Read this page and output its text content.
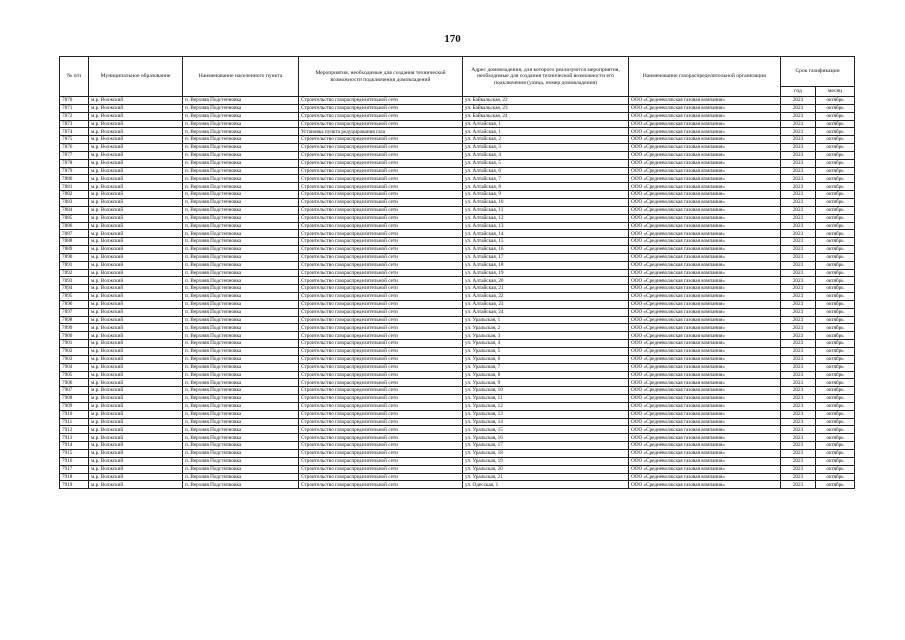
170
№ п/п	Муниципальное образование	Наименование населенного пункта	Мероприятия, необходимые для создания технической возможности подключения домовладений	Адрес домовладения, для которого реализуются мероприятия, необходимые для создания технической возможности его подключения (улица, номер домовладения)	Наименование газораспределительной организации	Срок газификации	
						год	месяц
7870	м.р. Волжский	п. Верхняя Подстепновка	Строительство газораспределительной сети	ул. Байкальская, 22	ООО «Средневолжская газовая компания»	2023	октябрь
7871	м.р. Волжский	п. Верхняя Подстепновка	Строительство газораспределительной сети	ул. Байкальская, 23	ООО «Средневолжская газовая компания»	2023	октябрь
7872	м.р. Волжский	п. Верхняя Подстепновка	Строительство газораспределительной сети	ул. Байкальская, 24	ООО «Средневолжская газовая компания»	2023	октябрь
7873	м.р. Волжский	п. Верхняя Подстепновка	Строительство газораспределительной сети	ул. Алтайская, 1	ООО «Средневолжская газовая компания»	2023	октябрь
7874	м.р. Волжский	п. Верхняя Подстепновка	Установка пункта редуцирования газа	ул. Алтайская, 1	ООО «Средневолжская газовая компания»	2023	октябрь
7875	м.р. Волжский	п. Верхняя Подстепновка	Строительство газораспределительной сети	ул. Алтайская, 2	ООО «Средневолжская газовая компания»	2023	октябрь
7876	м.р. Волжский	п. Верхняя Подстепновка	Строительство газораспределительной сети	ул. Алтайская, 3	ООО «Средневолжская газовая компания»	2023	октябрь
7877	м.р. Волжский	п. Верхняя Подстепновка	Строительство газораспределительной сети	ул. Алтайская, 4	ООО «Средневолжская газовая компания»	2023	октябрь
7878	м.р. Волжский	п. Верхняя Подстепновка	Строительство газораспределительной сети	ул. Алтайская, 5	ООО «Средневолжская газовая компания»	2023	октябрь
7879	м.р. Волжский	п. Верхняя Подстепновка	Строительство газораспределительной сети	ул. Алтайская, 6	ООО «Средневолжская газовая компания»	2023	октябрь
7880	м.р. Волжский	п. Верхняя Подстепновка	Строительство газораспределительной сети	ул. Алтайская, 7	ООО «Средневолжская газовая компания»	2023	октябрь
7881	м.р. Волжский	п. Верхняя Подстепновка	Строительство газораспределительной сети	ул. Алтайская, 8	ООО «Средневолжская газовая компания»	2023	октябрь
7882	м.р. Волжский	п. Верхняя Подстепновка	Строительство газораспределительной сети	ул. Алтайская, 9	ООО «Средневолжская газовая компания»	2023	октябрь
7883	м.р. Волжский	п. Верхняя Подстепновка	Строительство газораспределительной сети	ул. Алтайская, 10	ООО «Средневолжская газовая компания»	2023	октябрь
7884	м.р. Волжский	п. Верхняя Подстепновка	Строительство газораспределительной сети	ул. Алтайская, 11	ООО «Средневолжская газовая компания»	2023	октябрь
7885	м.р. Волжский	п. Верхняя Подстепновка	Строительство газораспределительной сети	ул. Алтайская, 12	ООО «Средневолжская газовая компания»	2023	октябрь
7886	м.р. Волжский	п. Верхняя Подстепновка	Строительство газораспределительной сети	ул. Алтайская, 13	ООО «Средневолжская газовая компания»	2023	октябрь
7887	м.р. Волжский	п. Верхняя Подстепновка	Строительство газораспределительной сети	ул. Алтайская, 14	ООО «Средневолжская газовая компания»	2023	октябрь
7888	м.р. Волжский	п. Верхняя Подстепновка	Строительство газораспределительной сети	ул. Алтайская, 15	ООО «Средневолжская газовая компания»	2023	октябрь
7889	м.р. Волжский	п. Верхняя Подстепновка	Строительство газораспределительной сети	ул. Алтайская, 16	ООО «Средневолжская газовая компания»	2023	октябрь
7890	м.р. Волжский	п. Верхняя Подстепновка	Строительство газораспределительной сети	ул. Алтайская, 17	ООО «Средневолжская газовая компания»	2023	октябрь
7891	м.р. Волжский	п. Верхняя Подстепновка	Строительство газораспределительной сети	ул. Алтайская, 18	ООО «Средневолжская газовая компания»	2023	октябрь
7892	м.р. Волжский	п. Верхняя Подстепновка	Строительство газораспределительной сети	ул. Алтайская, 19	ООО «Средневолжская газовая компания»	2023	октябрь
7893	м.р. Волжский	п. Верхняя Подстепновка	Строительство газораспределительной сети	ул. Алтайская, 20	ООО «Средневолжская газовая компания»	2023	октябрь
7894	м.р. Волжский	п. Верхняя Подстепновка	Строительство газораспределительной сети	ул. Алтайская, 21	ООО «Средневолжская газовая компания»	2023	октябрь
7895	м.р. Волжский	п. Верхняя Подстепновка	Строительство газораспределительной сети	ул. Алтайская, 22	ООО «Средневолжская газовая компания»	2023	октябрь
7896	м.р. Волжский	п. Верхняя Подстепновка	Строительство газораспределительной сети	ул. Алтайская, 23	ООО «Средневолжская газовая компания»	2023	октябрь
7897	м.р. Волжский	п. Верхняя Подстепновка	Строительство газораспределительной сети	ул. Алтайская, 24	ООО «Средневолжская газовая компания»	2023	октябрь
7898	м.р. Волжский	п. Верхняя Подстепновка	Строительство газораспределительной сети	ул. Уральская, 1	ООО «Средневолжская газовая компания»	2023	октябрь
7899	м.р. Волжский	п. Верхняя Подстепновка	Строительство газораспределительной сети	ул. Уральская, 2	ООО «Средневолжская газовая компания»	2023	октябрь
7900	м.р. Волжский	п. Верхняя Подстепновка	Строительство газораспределительной сети	ул. Уральская, 3	ООО «Средневолжская газовая компания»	2023	октябрь
7901	м.р. Волжский	п. Верхняя Подстепновка	Строительство газораспределительной сети	ул. Уральская, 4	ООО «Средневолжская газовая компания»	2023	октябрь
7902	м.р. Волжский	п. Верхняя Подстепновка	Строительство газораспределительной сети	ул. Уральская, 5	ООО «Средневолжская газовая компания»	2023	октябрь
7903	м.р. Волжский	п. Верхняя Подстепновка	Строительство газораспределительной сети	ул. Уральская, 6	ООО «Средневолжская газовая компания»	2023	октябрь
7904	м.р. Волжский	п. Верхняя Подстепновка	Строительство газораспределительной сети	ул. Уральская, 7	ООО «Средневолжская газовая компания»	2023	октябрь
7905	м.р. Волжский	п. Верхняя Подстепновка	Строительство газораспределительной сети	ул. Уральская, 8	ООО «Средневолжская газовая компания»	2023	октябрь
7906	м.р. Волжский	п. Верхняя Подстепновка	Строительство газораспределительной сети	ул. Уральская, 9	ООО «Средневолжская газовая компания»	2023	октябрь
7907	м.р. Волжский	п. Верхняя Подстепновка	Строительство газораспределительной сети	ул. Уральская, 10	ООО «Средневолжская газовая компания»	2023	октябрь
7908	м.р. Волжский	п. Верхняя Подстепновка	Строительство газораспределительной сети	ул. Уральская, 11	ООО «Средневолжская газовая компания»	2023	октябрь
7909	м.р. Волжский	п. Верхняя Подстепновка	Строительство газораспределительной сети	ул. Уральская, 12	ООО «Средневолжская газовая компания»	2023	октябрь
7910	м.р. Волжский	п. Верхняя Подстепновка	Строительство газораспределительной сети	ул. Уральская, 13	ООО «Средневолжская газовая компания»	2023	октябрь
7911	м.р. Волжский	п. Верхняя Подстепновка	Строительство газораспределительной сети	ул. Уральская, 14	ООО «Средневолжская газовая компания»	2023	октябрь
7912	м.р. Волжский	п. Верхняя Подстепновка	Строительство газораспределительной сети	ул. Уральская, 15	ООО «Средневолжская газовая компания»	2023	октябрь
7913	м.р. Волжский	п. Верхняя Подстепновка	Строительство газораспределительной сети	ул. Уральская, 16	ООО «Средневолжская газовая компания»	2023	октябрь
7914	м.р. Волжский	п. Верхняя Подстепновка	Строительство газораспределительной сети	ул. Уральская, 17	ООО «Средневолжская газовая компания»	2023	октябрь
7915	м.р. Волжский	п. Верхняя Подстепновка	Строительство газораспределительной сети	ул. Уральская, 18	ООО «Средневолжская газовая компания»	2023	октябрь
7916	м.р. Волжский	п. Верхняя Подстепновка	Строительство газораспределительной сети	ул. Уральская, 19	ООО «Средневолжская газовая компания»	2023	октябрь
7917	м.р. Волжский	п. Верхняя Подстепновка	Строительство газораспределительной сети	ул. Уральская, 20	ООО «Средневолжская газовая компания»	2023	октябрь
7918	м.р. Волжский	п. Верхняя Подстепновка	Строительство газораспределительной сети	ул. Уральская, 21	ООО «Средневолжская газовая компания»	2023	октябрь
7919	м.р. Волжский	п. Верхняя Подстепновка	Строительство газораспределительной сети	ул. Одесская, 1	ООО «Средневолжская газовая компания»	2023	октябрь
